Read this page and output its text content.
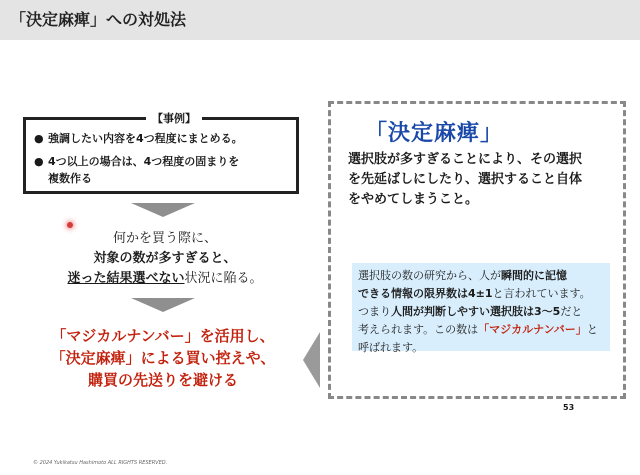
「決定麻痺」への対処法
【事例】
● 強調したい内容を4つ程度にまとめる。
● 4つ以上の場合は、4つ程度の固まりを
複数作る
何かを買う際に、
対象の数が多すぎると、
迷った結果選べない状況に陥る。
「マジカルナンバー」を活用し、
「決定麻痺」による買い控えや、
購買の先送りを避ける
「決定麻痺」
選択肢が多すぎることにより、その選択
を先延ばしにしたり、選択すること自体
をやめてしまうこと。
選択肢の数の研究から、人が瞬間的に記憶
できる情報の限界数は4±1と言われています。
つまり人間が判断しやすい選択肢は3～5だと
考えられます。この数は「マジカルナンバー」と
呼ばれます。
53
© 2024 Yukikatsu Hashimoto ALL RIGHTS RESERVED.
